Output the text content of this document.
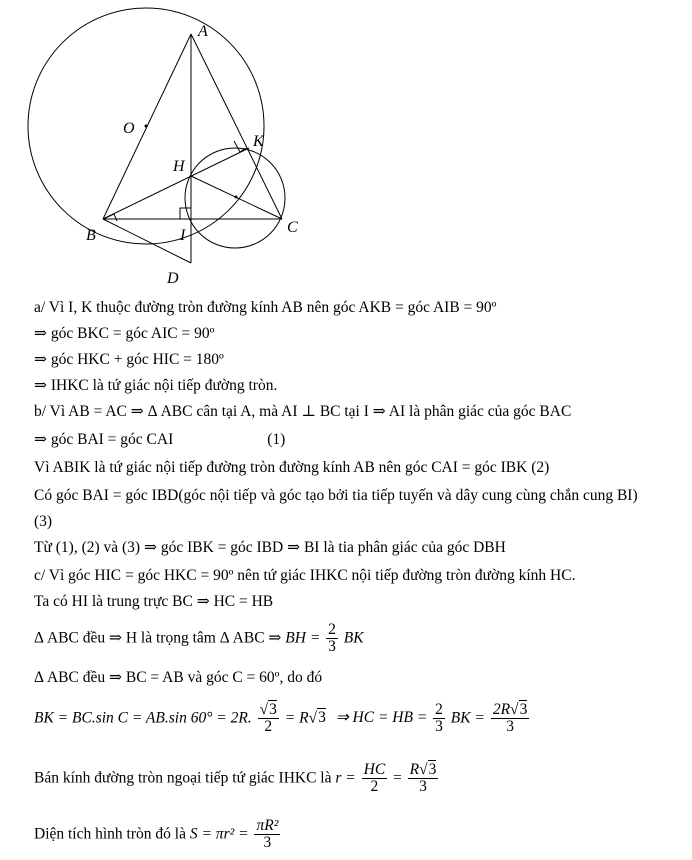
A
O
K
H
B	I	C
D
a/ Vì I, K thuộc đường tròn đường kính AB nên góc AKB = góc AIB = 90º
⇒ góc BKC = góc AIC = 90º
⇒ góc HKC + góc HIC = 180º
⇒ IHKC là tứ giác nội tiếp đường tròn.
b/ Vì AB = AC ⇒ Δ ABC cân tại A, mà AI ⊥ BC tại I ⇒ AI là phân giác của góc BAC
⇒ góc BAI = góc CAI	(1)
Vì ABIK là tứ giác nội tiếp đường tròn đường kính AB nên góc CAI = góc IBK (2)
Có góc BAI = góc IBD(góc nội tiếp và góc tạo bởi tia tiếp tuyến và dây cung cùng chắn cung BI)
(3)
Từ (1), (2) và (3) ⇒ góc IBK = góc IBD ⇒ BI là tia phân giác của góc DBH
c/ Vì góc HIC = góc HKC = 90º nên tứ giác IHKC nội tiếp đường tròn đường kính HC.
Ta có HI là trung trực BC ⇒ HC = HB
Δ ABC đều ⇒ H là trọng tâm Δ ABC ⇒ BH = $\frac{2}{3}$ BK
Δ ABC đều ⇒ BC = AB và góc C = 60º, do đó
BK = BC.sin C = AB.sin 60° = 2R. $\frac{√3}{2} = R√3$ ⇒ HC = HB = $\frac{2}{3}$ BK = $\frac{2R√3}{3}$
Bán kính đường tròn ngoại tiếp tứ giác IHKC là $r = \frac{HC}{2} = \frac{R√3}{3}$
Diện tích hình tròn đó là $S = \pi r^2 = \frac{\text{πR²}}{3}$
